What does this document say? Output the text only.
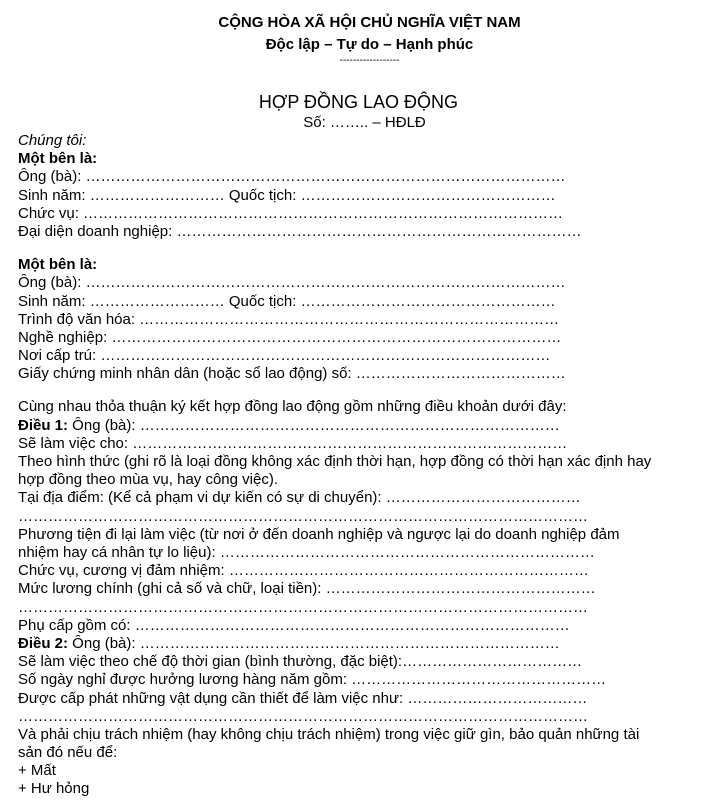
CỘNG HÒA XÃ HỘI CHỦ NGHĨA VIỆT NAM
Độc lập – Tự do – Hạnh phúc
------------------
HỢP ĐỒNG LAO ĐỘNG
Số: …….. – HĐLĐ
Chúng tôi:
Một bên là:
Ông (bà): ……………………………………………………………………………………
Sinh năm: ……………………… Quốc tịch: ……………………………………………
Chức vụ: ……………………………………………………………………………………
Đại diện doanh nghiệp: ………………………………………………………………………
Một bên là:
Ông (bà): ……………………………………………………………………………………
Sinh năm: ……………………… Quốc tịch: ……………………………………………
Trình độ văn hóa: …………………………………………………………………………
Nghề nghiệp: ………………………………………………………………………………
Nơi cấp trú: ………………………………………………………………………………
Giấy chứng minh nhân dân (hoặc sổ lao động) số: ……………………………………
Cùng nhau thỏa thuận ký kết hợp đồng lao động gồm những điều khoản dưới đây:
Điều 1: Ông (bà): …………………………………………………………………………
Sẽ làm việc cho: ……………………………………………………………………………
Theo hình thức (ghi rõ là loại đồng không xác định thời hạn, hợp đồng có thời hạn xác định hay hợp đồng theo mùa vụ, hay công việc).
Tại địa điểm: (Kể cả phạm vi dự kiến có sự di chuyển): …………………………………
……………………………………………………………………………………………………
Phương tiện đi lại làm việc (từ nơi ở đến doanh nghiệp và ngược lại do doanh nghiệp đảm nhiệm hay cá nhân tự lo liệu): …………………………………………………………………
Chức vụ, cương vị đảm nhiệm: ………………………………………………………………
Mức lương chính (ghi cả số và chữ, loại tiền): ………………………………………………
……………………………………………………………………………………………………
Phụ cấp gồm có: ……………………………………………………………………………
Điều 2: Ông (bà): …………………………………………………………………………
Sẽ làm việc theo chế độ thời gian (bình thường, đặc biệt):………………………………
Số ngày nghỉ được hưởng lương hàng năm gồm: ……………………………………………
Được cấp phát những vật dụng cần thiết để làm việc như: ………………………………
……………………………………………………………………………………………………
Và phải chịu trách nhiệm (hay không chịu trách nhiệm) trong việc giữ gìn, bảo quản những tài sản đó nếu để:
+ Mất
+ Hư hỏng
